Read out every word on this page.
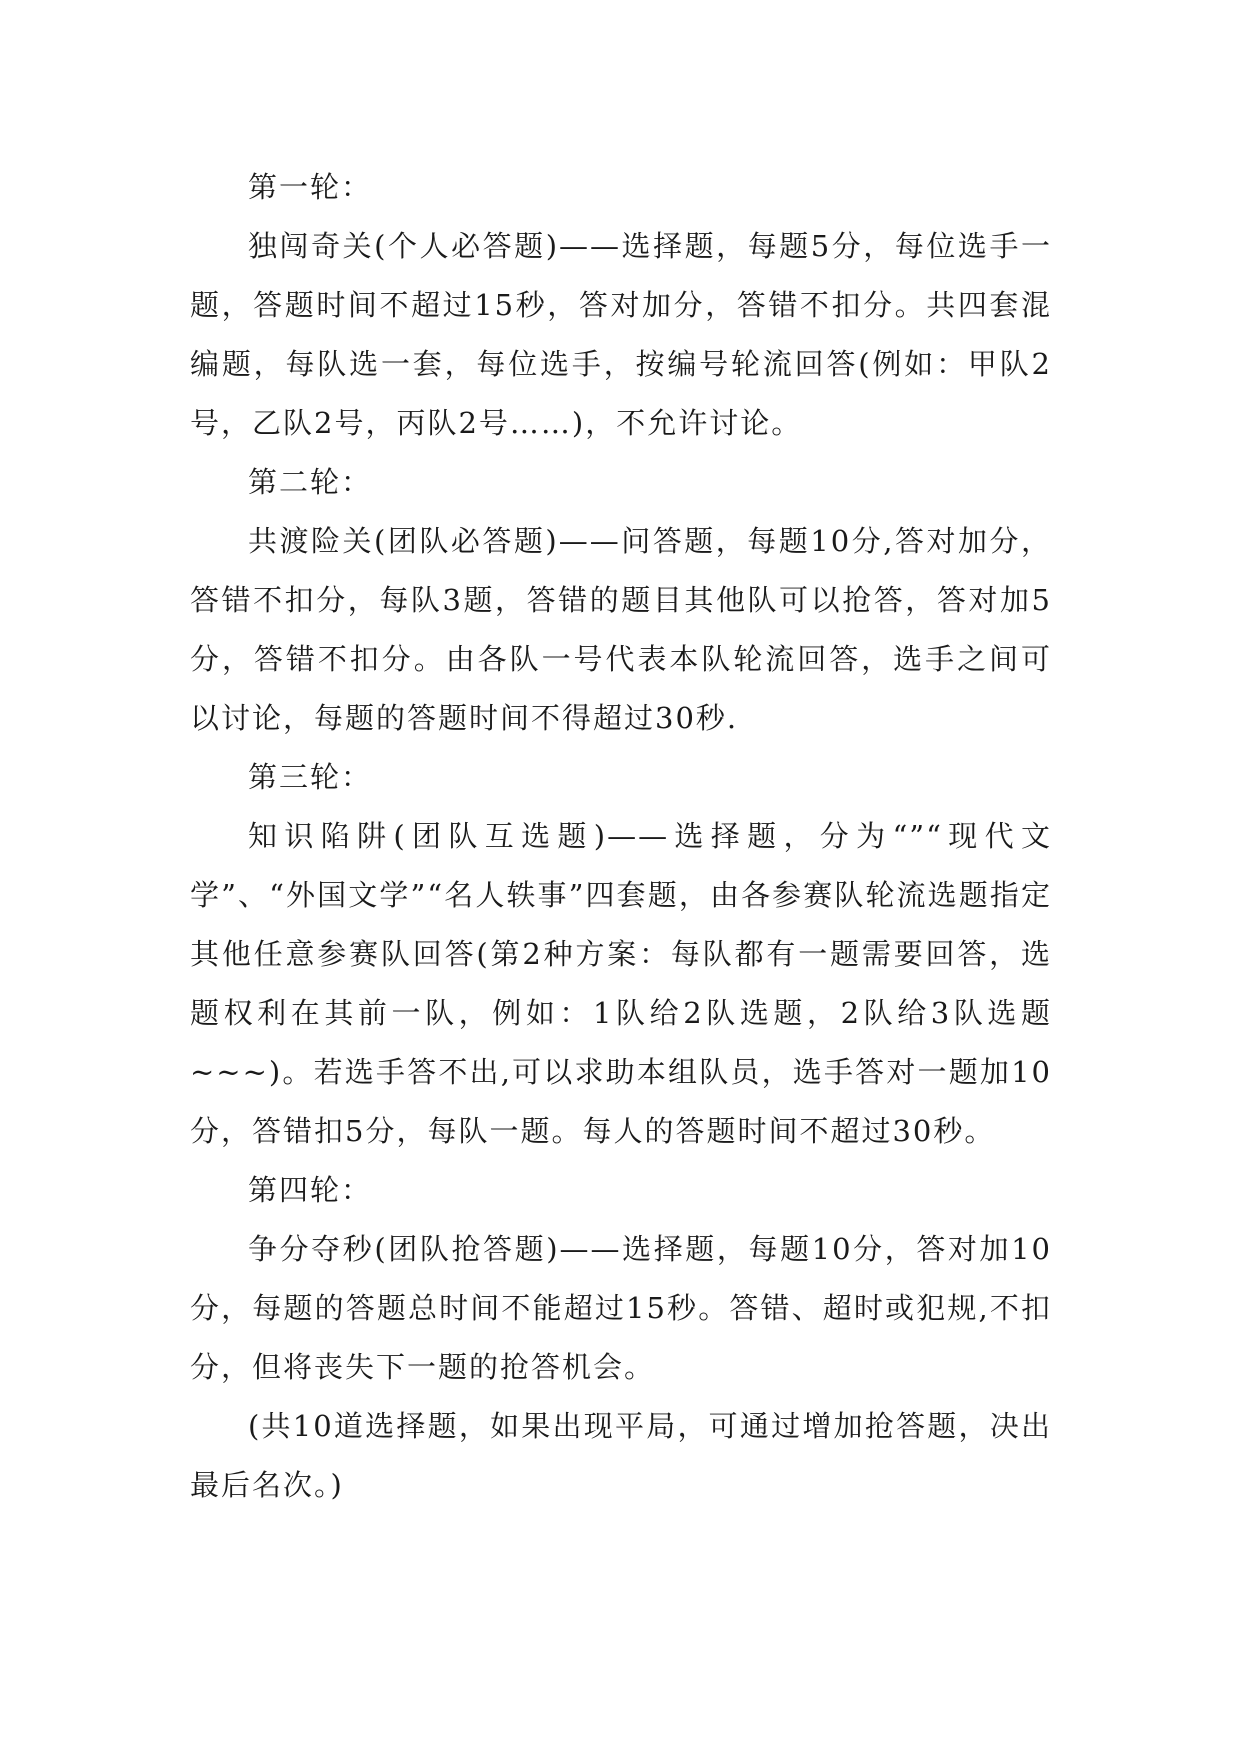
第一轮：

独闯奇关(个人必答题)——选择题，每题5分，每位选手一题，答题时间不超过15秒，答对加分，答错不扣分。共四套混编题，每队选一套，每位选手，按编号轮流回答(例如：甲队2号，乙队2号，丙队2号……)，不允许讨论。

第二轮：

共渡险关(团队必答题)——问答题，每题10分,答对加分，答错不扣分，每队3题，答错的题目其他队可以抢答，答对加5分，答错不扣分。由各队一号代表本队轮流回答，选手之间可以讨论，每题的答题时间不得超过30秒.

第三轮：

知识陷阱(团队互选题)——选择题，分为“”“现代文学”、“外国文学”“名人轶事”四套题，由各参赛队轮流选题指定其他任意参赛队回答(第2种方案：每队都有一题需要回答，选题权利在其前一队，例如：1队给2队选题，2队给3队选题~~~)。若选手答不出,可以求助本组队员，选手答对一题加10分，答错扣5分，每队一题。每人的答题时间不超过30秒。

第四轮：

争分夺秒(团队抢答题)——选择题，每题10分，答对加10分，每题的答题总时间不能超过15秒。答错、超时或犯规,不扣分，但将丧失下一题的抢答机会。

(共10道选择题，如果出现平局，可通过增加抢答题，决出最后名次。)
